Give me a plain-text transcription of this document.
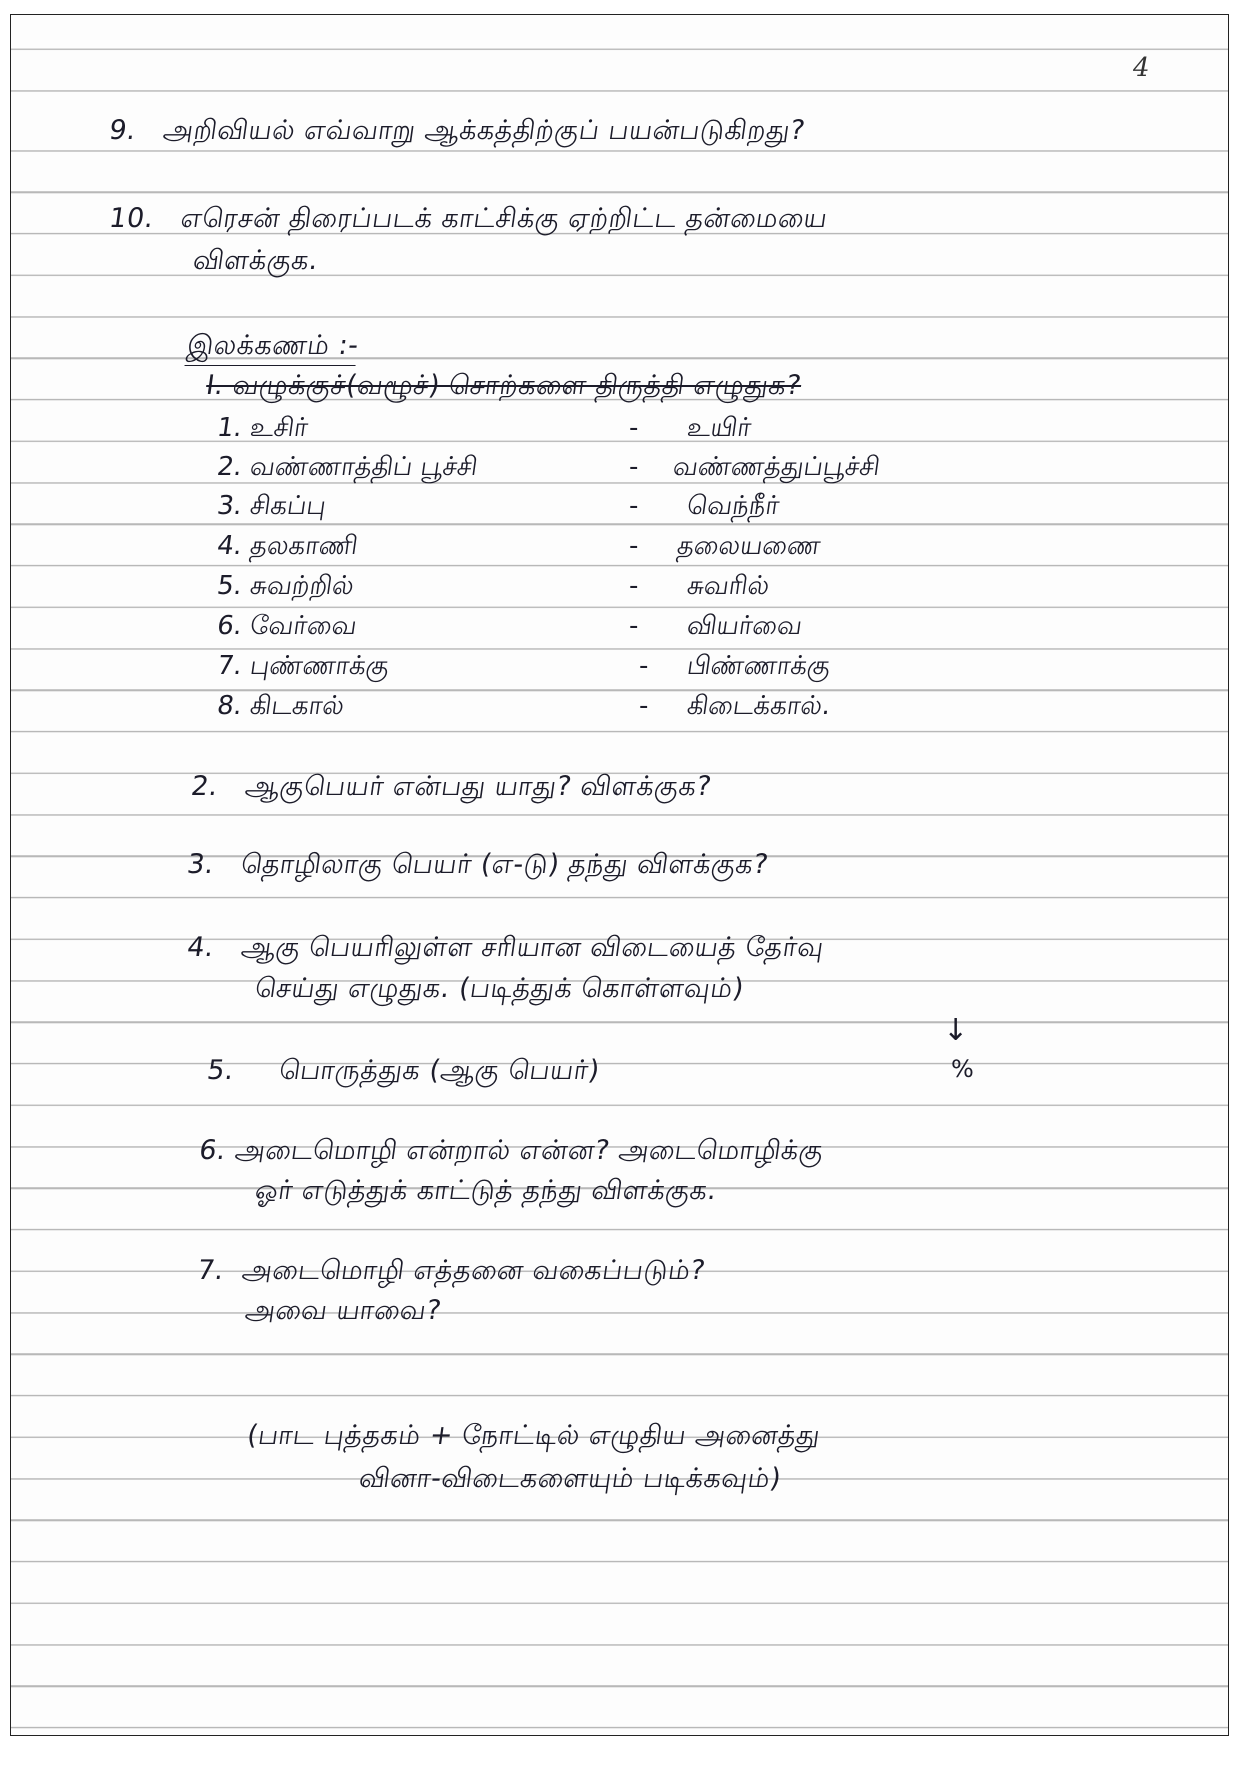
4
9. அறிவியல் எவ்வாறு ஆக்கத்திற்குப் பயன்படுகிறது?
10. எரெசன் திரைப்படக் காட்சிக்கு ஏற்றிட்ட தன்மையை
விளக்குக.
இலக்கணம் :-
I. வழுக்குச்(வழூச்) சொற்களை திருத்தி எழுதுக?
1. உசிர்	- உயிர்
2. வண்ணாத்திப் பூச்சி	- வண்ணத்துப்பூச்சி
3. சிகப்பு	- வெந்நீர்
4. தலகாணி	- தலையணை
5. சுவற்றில்	- சுவரில்
6. வேர்வை	- வியர்வை
7. புண்ணாக்கு	- பிண்ணாக்கு
8. கிடகால்	- கிடைக்கால்.
2. ஆகுபெயர் என்பது யாது? விளக்குக?
3. தொழிலாகு பெயர் (எ-டு) தந்து விளக்குக?
4. ஆகு பெயரிலுள்ள சரியான விடையைத் தேர்வு
செய்து எழுதுக. (படித்துக் கொள்ளவும்)
↓
5. பொருத்துக (ஆகு பெயர்)	%
6. அடைமொழி என்றால் என்ன? அடைமொழிக்கு
ஓர் எடுத்துக் காட்டுத் தந்து விளக்குக.
7. அடைமொழி எத்தனை வகைப்படும்?
அவை யாவை?
(பாட புத்தகம் + நோட்டில் எழுதிய அனைத்து
வினா-விடைகளையும் படிக்கவும்)
